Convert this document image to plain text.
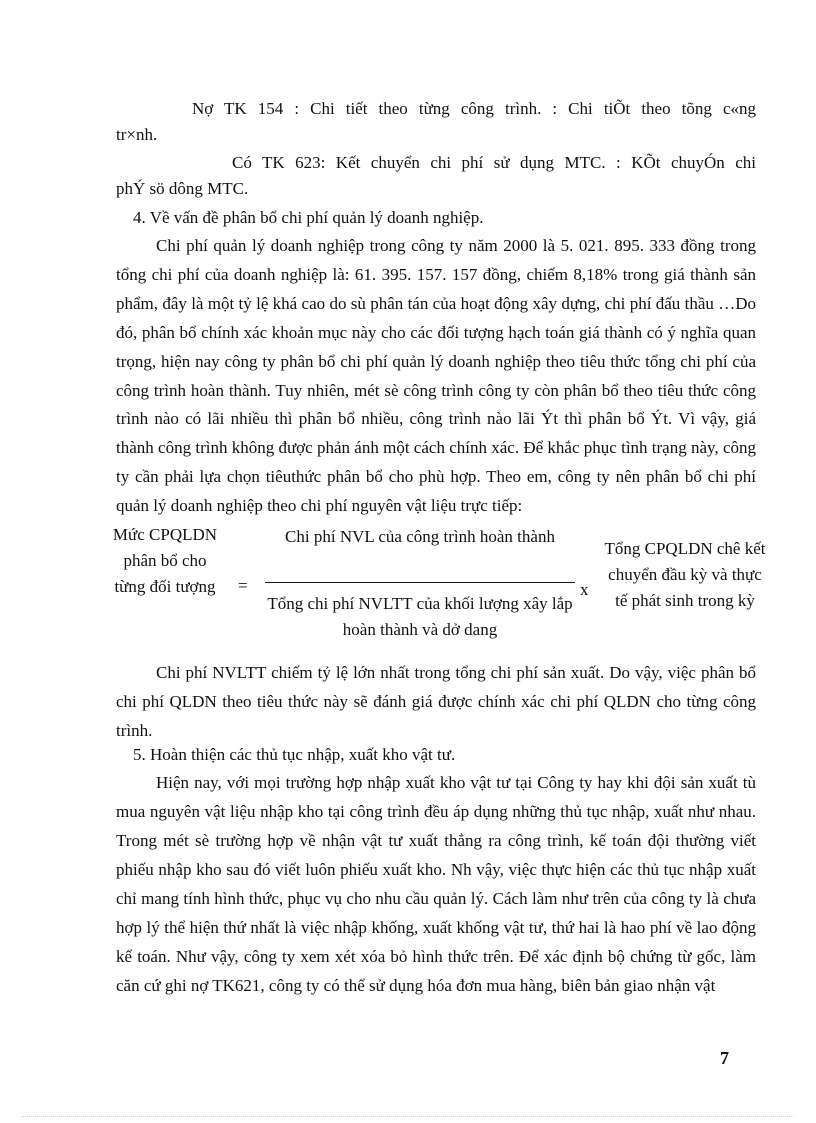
Nợ TK 154 : Chi tiết theo từng công trình. : Chi tiÕt theo tõng c«ng
tr×nh.
Có TK 623: Kết chuyển chi phí sử dụng MTC. : KÕt chuyÓn chi
phÝ sö dông MTC.
4. Về vấn đề phân bổ chi phí quản lý doanh nghiệp.
Chi phí quản lý doanh nghiệp trong công ty năm 2000 là 5. 021. 895. 333 đồng trong tổng chi phí của doanh nghiệp là: 61. 395. 157. 157 đồng, chiếm 8,18% trong giá thành sản phẩm, đây là một tỷ lệ khá cao do sù phân tán của hoạt động xây dựng, chi phí đấu thầu …Do đó, phân bổ chính xác khoản mục này cho các đối tượng hạch toán giá thành có ý nghĩa quan trọng, hiện nay công ty phân bổ chi phí quản lý doanh nghiệp theo tiêu thức tổng chi phí của công trình hoàn thành. Tuy nhiên, mét sè công trình công ty còn phân bổ theo tiêu thức công trình nào có lãi nhiều thì phân bổ nhiều, công trình nào lãi Ýt thì phân bổ Ýt. Vì vậy, giá thành công trình không được phản ánh một cách chính xác. Để khắc phục tình trạng này, công ty cần phải lựa chọn tiêuthức phân bổ cho phù hợp. Theo em, công ty nên phân bổ chi phí quản lý doanh nghiệp theo chi phí nguyên vật liệu trực tiếp:
Mức CPQLDN phân bổ cho từng đối tượng =
Chi phí NVL của công trình hoàn thành
Tổng chi phí NVLTT của khối lượng xây lắp hoàn thành và dở dang
x
Tổng CPQLDN chê kết chuyển đầu kỳ và thực tế phát sinh trong kỳ
Chi phí NVLTT chiếm tỷ lệ lớn nhất trong tổng chi phí sản xuất. Do vậy, việc phân bổ chi phí QLDN theo tiêu thức này sẽ đánh giá được chính xác chi phí QLDN cho từng công trình.
5. Hoàn thiện các thủ tục nhập, xuất kho vật tư.
Hiện nay, với mọi trường hợp nhập xuất kho vật tư tại Công ty hay khi đội sản xuất tù mua nguyên vật liệu nhập kho tại công trình đều áp dụng những thủ tục nhập, xuất như nhau. Trong mét sè trường hợp về nhận vật tư xuất thẳng ra công trình, kế toán đội thường viết phiếu nhập kho sau đó viết luôn phiếu xuất kho. Nh vậy, việc thực hiện các thủ tục nhập xuất chỉ mang tính hình thức, phục vụ cho nhu cầu quản lý. Cách làm như trên của công ty là chưa hợp lý thể hiện thứ nhất là việc nhập khống, xuất khống vật tư, thứ hai là hao phí về lao động kế toán. Như vậy, công ty xem xét xóa bỏ hình thức trên. Để xác định bộ chứng từ gốc, làm căn cứ ghi nợ TK621, công ty có thể sử dụng hóa đơn mua hàng, biên bản giao nhận vật
7
